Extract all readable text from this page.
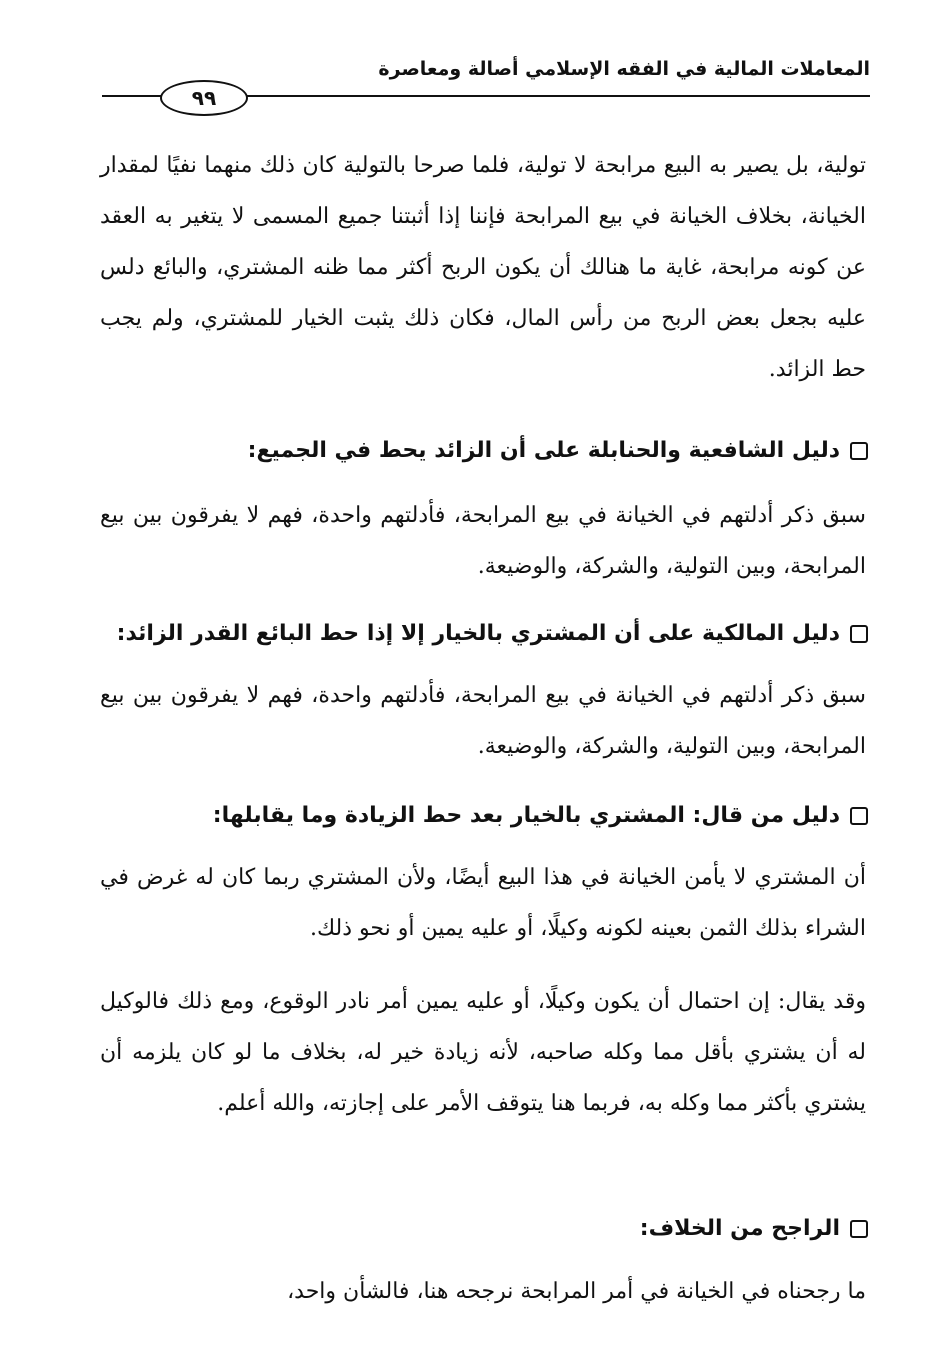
المعاملات المالية في الفقه الإسلامي أصالة ومعاصرة
٩٩

تولية، بل يصير به البيع مرابحة لا تولية، فلما صرحا بالتولية كان ذلك منهما نفيًا لمقدار الخيانة، بخلاف الخيانة في بيع المرابحة فإننا إذا أثبتنا جميع المسمى لا يتغير به العقد عن كونه مرابحة، غاية ما هنالك أن يكون الربح أكثر مما ظنه المشتري، والبائع دلس عليه بجعل بعض الربح من رأس المال، فكان ذلك يثبت الخيار للمشتري، ولم يجب حط الزائد.

دليل الشافعية والحنابلة على أن الزائد يحط في الجميع:

سبق ذكر أدلتهم في الخيانة في بيع المرابحة، فأدلتهم واحدة، فهم لا يفرقون بين بيع المرابحة، وبين التولية، والشركة، والوضيعة.

دليل المالكية على أن المشتري بالخيار إلا إذا حط البائع القدر الزائد:

سبق ذكر أدلتهم في الخيانة في بيع المرابحة، فأدلتهم واحدة، فهم لا يفرقون بين بيع المرابحة، وبين التولية، والشركة، والوضيعة.

دليل من قال: المشتري بالخيار بعد حط الزيادة وما يقابلها:

أن المشتري لا يأمن الخيانة في هذا البيع أيضًا، ولأن المشتري ربما كان له غرض في الشراء بذلك الثمن بعينه لكونه وكيلًا، أو عليه يمين أو نحو ذلك.

وقد يقال: إن احتمال أن يكون وكيلًا، أو عليه يمين أمر نادر الوقوع، ومع ذلك فالوكيل له أن يشتري بأقل مما وكله صاحبه، لأنه زيادة خير له، بخلاف ما لو كان يلزمه أن يشتري بأكثر مما وكله به، فربما هنا يتوقف الأمر على إجازته، والله أعلم.

الراجح من الخلاف:

ما رجحناه في الخيانة في أمر المرابحة نرجحه هنا، فالشأن واحد،
